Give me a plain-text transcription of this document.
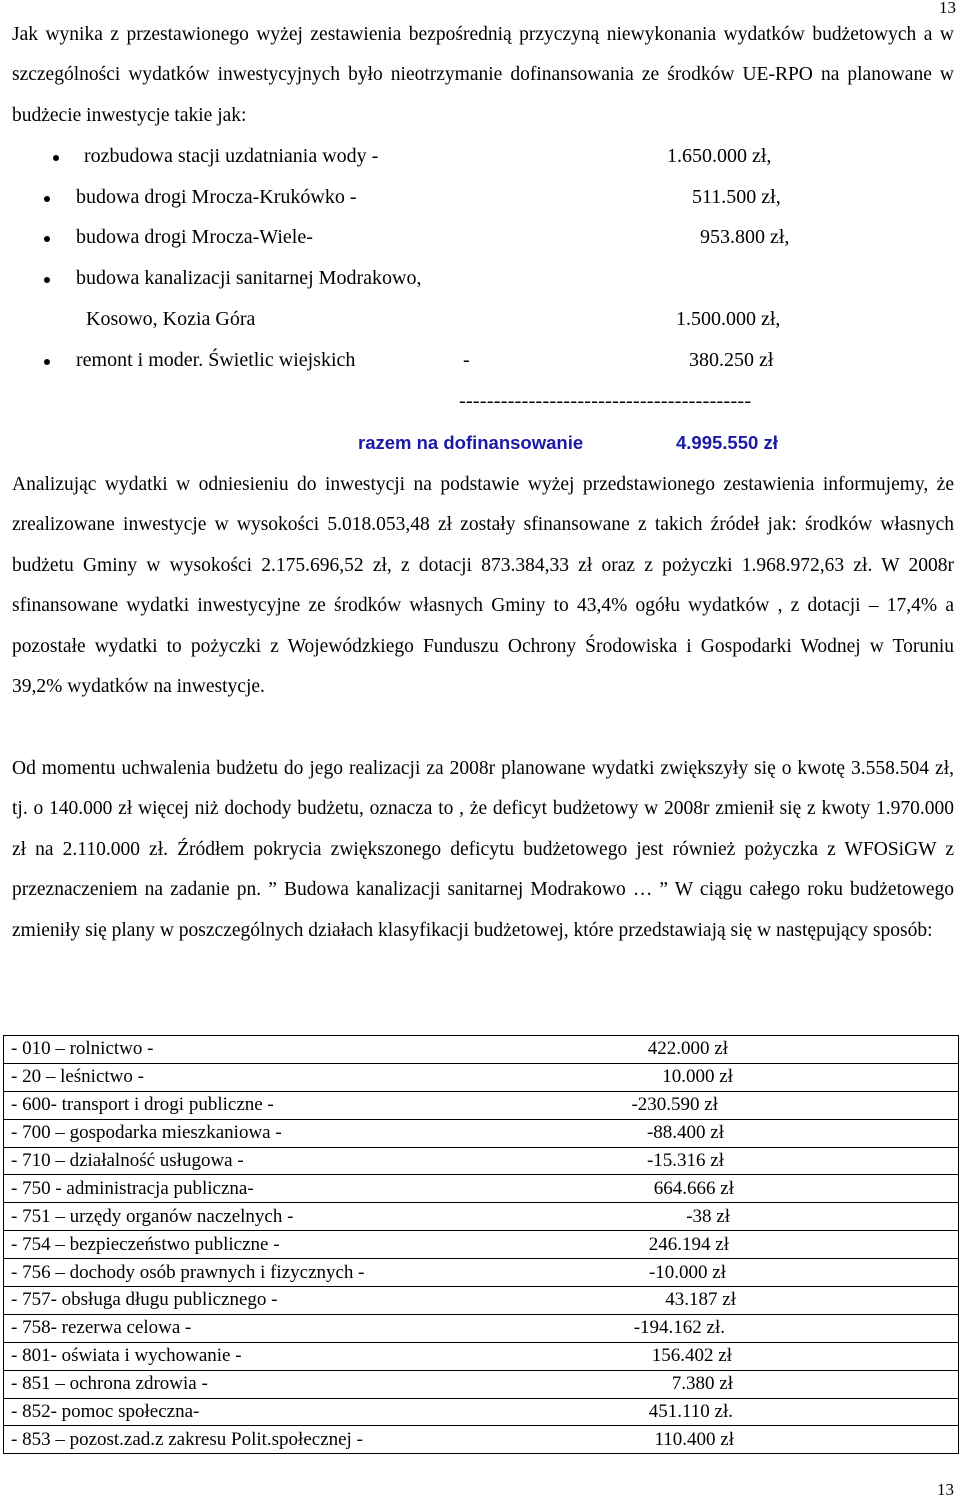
13
Jak wynika z przestawionego wyżej zestawienia bezpośrednią przyczyną niewykonania wydatków budżetowych a w szczególności wydatków inwestycyjnych było nieotrzymanie dofinansowania ze środków UE-RPO na planowane w budżecie inwestycje takie jak:
rozbudowa stacji uzdatniania wody -	1.650.000 zł,
budowa drogi Mrocza-Krukówko -	511.500 zł,
budowa drogi Mrocza-Wiele-	953.800 zł,
budowa kanalizacji sanitarnej Modrakowo,
Kosowo, Kozia Góra	1.500.000 zł,
remont i moder. Świetlic wiejskich	-	380.250 zł
------------------------------------------
razem na dofinansowanie	4.995.550 zł
Analizując wydatki w odniesieniu do inwestycji na podstawie wyżej przedstawionego zestawienia informujemy, że zrealizowane inwestycje w wysokości 5.018.053,48 zł zostały sfinansowane z takich źródeł jak: środków własnych budżetu Gminy w wysokości 2.175.696,52 zł, z dotacji 873.384,33 zł oraz z pożyczki 1.968.972,63 zł. W 2008r sfinansowane wydatki inwestycyjne ze środków własnych Gminy to 43,4% ogółu wydatków , z dotacji – 17,4% a pozostałe wydatki to pożyczki z Wojewódzkiego Funduszu Ochrony Środowiska i Gospodarki Wodnej w Toruniu 39,2% wydatków na inwestycje.
Od momentu uchwalenia budżetu do jego realizacji za 2008r planowane wydatki zwiększyły się o kwotę 3.558.504 zł, tj. o 140.000 zł więcej niż dochody budżetu, oznacza to , że deficyt budżetowy w 2008r zmienił się z kwoty 1.970.000 zł na 2.110.000 zł. Źródłem pokrycia zwiększonego deficytu budżetowego jest również pożyczka z WFOSiGW z przeznaczeniem na zadanie pn. ” Budowa kanalizacji sanitarnej Modrakowo … ” W ciągu całego roku budżetowego zmieniły się plany w poszczególnych działach klasyfikacji budżetowej, które przedstawiają się w następujący sposób:
- 010 – rolnictwo -	422.000 zł	
- 20 – leśnictwo -	10.000 zł	
- 600- transport i drogi publiczne -	-230.590 zł	
- 700 – gospodarka mieszkaniowa -	-88.400 zł	
- 710 – działalność usługowa -	-15.316 zł	
- 750 - administracja publiczna-	664.666 zł	
- 751 – urzędy organów naczelnych -	-38 zł	
- 754 – bezpieczeństwo publiczne -	246.194 zł	
- 756 – dochody osób prawnych i fizycznych -	-10.000 zł	
- 757- obsługa długu publicznego -	43.187 zł	
- 758- rezerwa celowa -	-194.162 zł.	
- 801- oświata i wychowanie -	156.402 zł	
- 851 – ochrona zdrowia -	7.380 zł	
- 852- pomoc społeczna-	451.110 zł.	
- 853 – pozost.zad.z zakresu Polit.społecznej -	110.400 zł	
13
